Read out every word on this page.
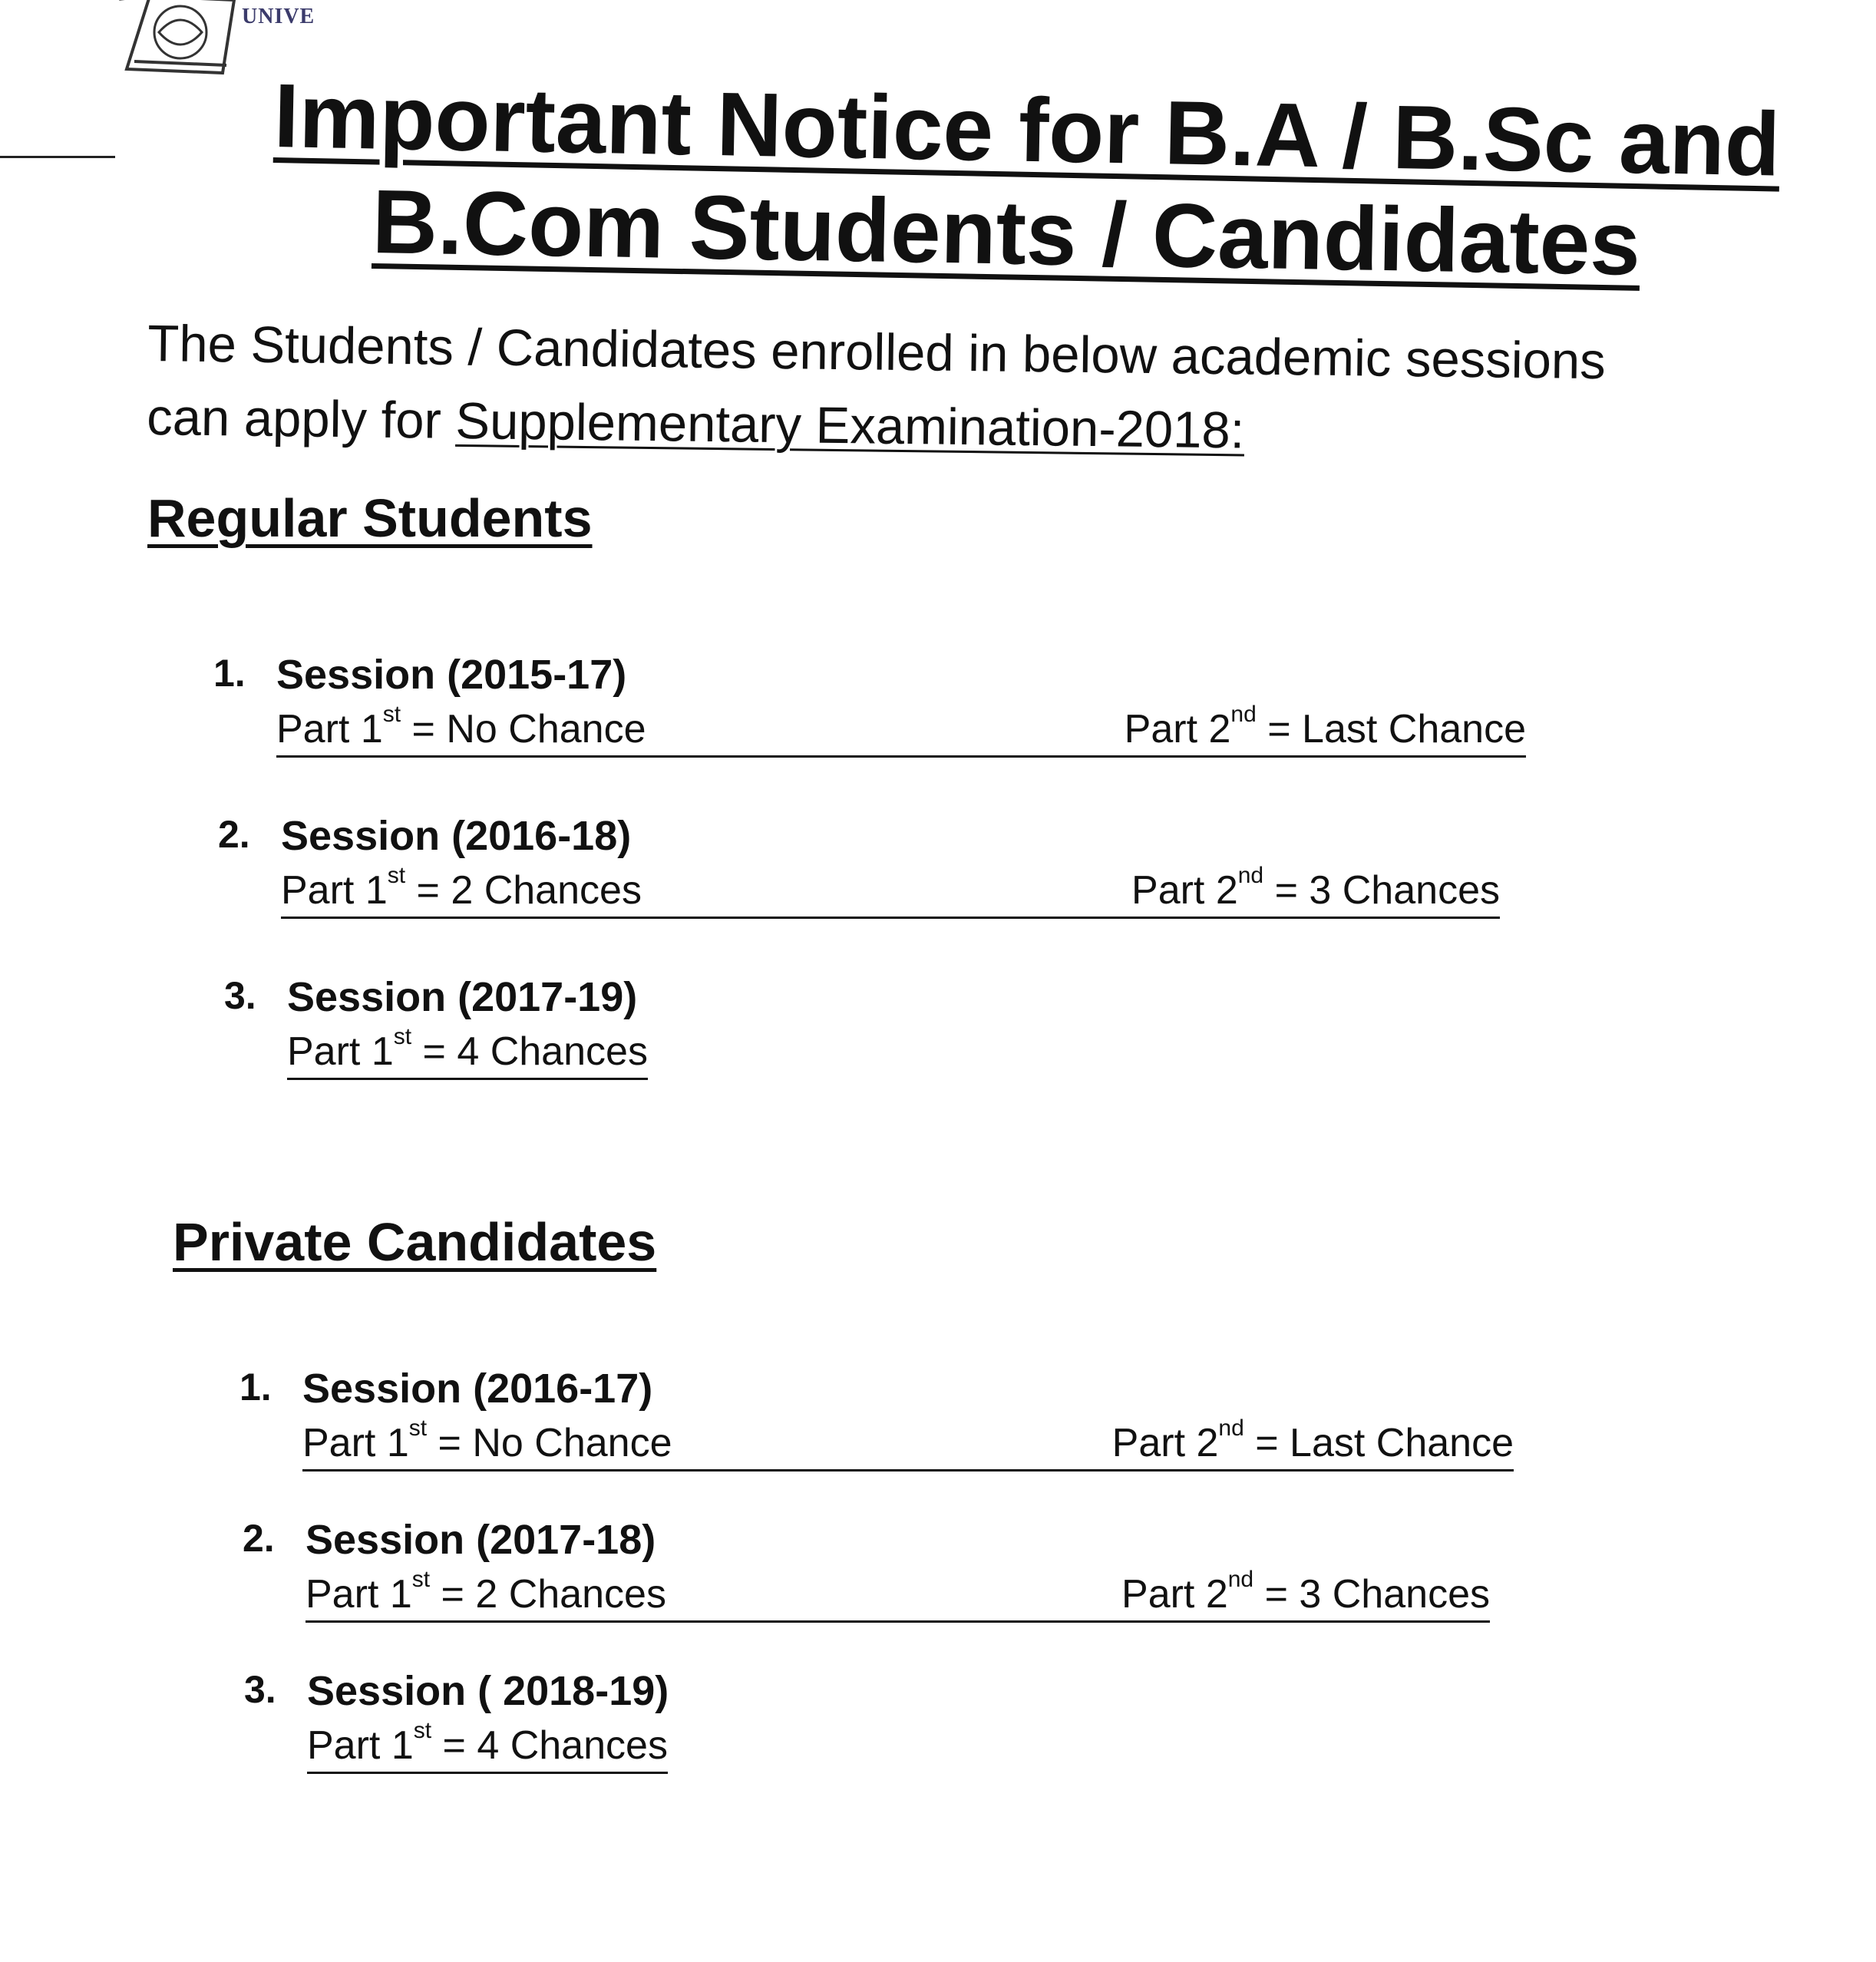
UNIVE
Important Notice for B.A / B.Sc and
B.Com Students / Candidates
The Students / Candidates enrolled in below academic sessions
can apply for Supplementary Examination-2018:
Regular Students
1. Session (2015-17)
Part 1st = No Chance	Part 2nd = Last Chance
2. Session (2016-18)
Part 1st = 2 Chances	Part 2nd = 3 Chances
3. Session (2017-19)
Part 1st = 4 Chances
Private Candidates
1. Session (2016-17)
Part 1st = No Chance	Part 2nd = Last Chance
2. Session (2017-18)
Part 1st = 2 Chances	Part 2nd = 3 Chances
3. Session ( 2018-19)
Part 1st = 4 Chances
